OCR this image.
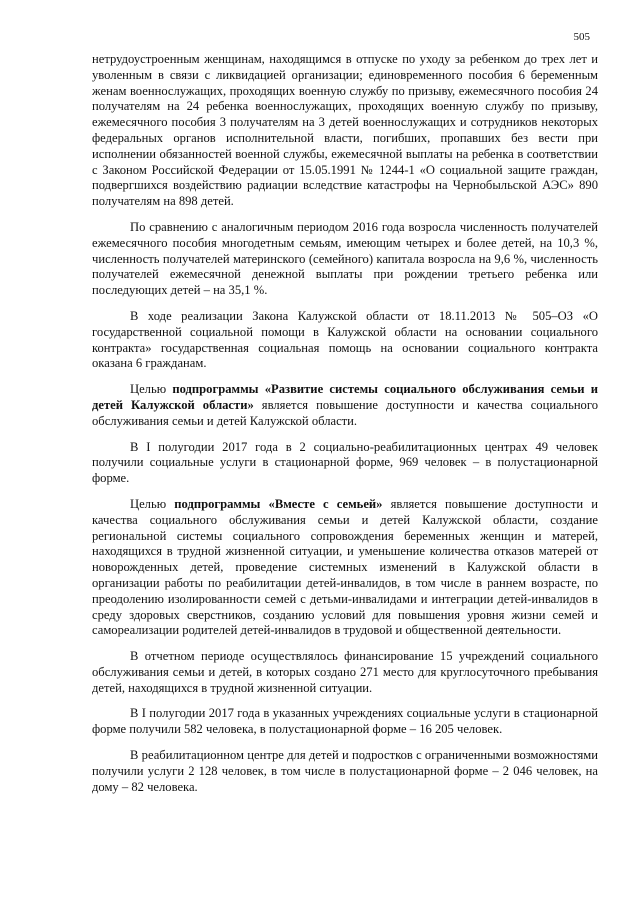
505

нетрудоустроенным женщинам, находящимся в отпуске по уходу за ребенком до трех лет и уволенным в связи с ликвидацией организации; единовременного пособия 6 беременным женам военнослужащих, проходящих военную службу по призыву, ежемесячного пособия 24 получателям на 24 ребенка военнослужащих, проходящих военную службу по призыву, ежемесячного пособия 3 получателям на 3 детей военнослужащих и сотрудников некоторых федеральных органов исполнительной власти, погибших, пропавших без вести при исполнении обязанностей военной службы, ежемесячной выплаты на ребенка в соответствии с Законом Российской Федерации от 15.05.1991 № 1244-1 «О социальной защите граждан, подвергшихся воздействию радиации вследствие катастрофы на Чернобыльской АЭС» 890 получателям на 898 детей.

По сравнению с аналогичным периодом 2016 года возросла численность получателей ежемесячного пособия многодетным семьям, имеющим четырех и более детей, на 10,3 %, численность получателей материнского (семейного) капитала возросла на 9,6 %, численность получателей ежемесячной денежной выплаты при рождении третьего ребенка или последующих детей – на 35,1 %.

В ходе реализации Закона Калужской области от 18.11.2013 № 505–ОЗ «О государственной социальной помощи в Калужской области на основании социального контракта» государственная социальная помощь на основании социального контракта оказана 6 гражданам.

Целью подпрограммы «Развитие системы социального обслуживания семьи и детей Калужской области» является повышение доступности и качества социального обслуживания семьи и детей Калужской области.

В I полугодии 2017 года в 2 социально-реабилитационных центрах 49 человек получили социальные услуги в стационарной форме, 969 человек – в полустационарной форме.

Целью подпрограммы «Вместе с семьей» является повышение доступности и качества социального обслуживания семьи и детей Калужской области, создание региональной системы социального сопровождения беременных женщин и матерей, находящихся в трудной жизненной ситуации, и уменьшение количества отказов матерей от новорожденных детей, проведение системных изменений в Калужской области в организации работы по реабилитации детей-инвалидов, в том числе в раннем возрасте, по преодолению изолированности семей с детьми-инвалидами и интеграции детей-инвалидов в среду здоровых сверстников, созданию условий для повышения уровня жизни семей и самореализации родителей детей-инвалидов в трудовой и общественной деятельности.

В отчетном периоде осуществлялось финансирование 15 учреждений социального обслуживания семьи и детей, в которых создано 271 место для круглосуточного пребывания детей, находящихся в трудной жизненной ситуации.

В I полугодии 2017 года в указанных учреждениях социальные услуги в стационарной форме получили 582 человека, в полустационарной форме – 16 205 человек.

В реабилитационном центре для детей и подростков с ограниченными возможностями получили услуги 2 128 человек, в том числе в полустационарной форме – 2 046 человек, на дому – 82 человека.
